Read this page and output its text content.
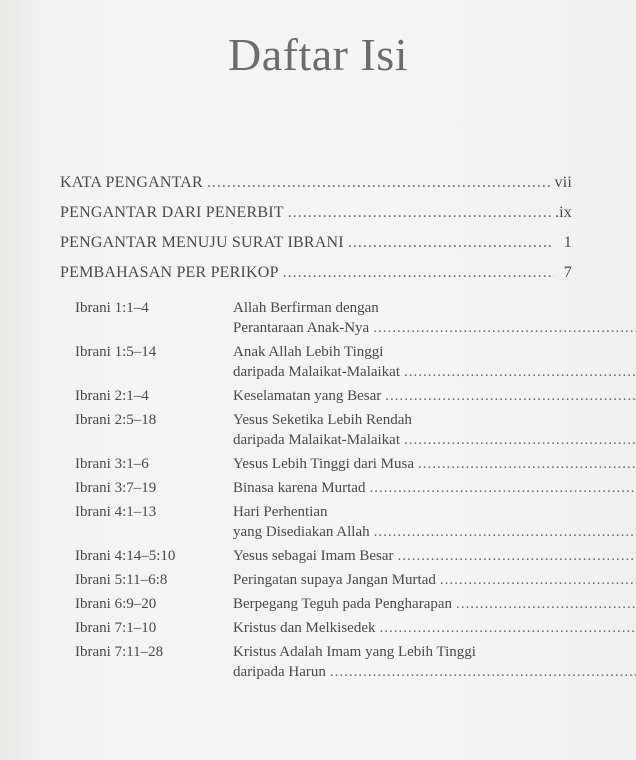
Daftar Isi
KATA PENGANTAR .....	vii
PENGANTAR DARI PENERBIT .....	.ix
PENGANTAR MENUJU SURAT IBRANI .....	1
PEMBAHASAN PER PERIKOP .....	7
Ibrani 1:1–4	Allah Berfirman dengan
Perantaraan Anak-Nya
.....
Ibrani 1:5–14	Anak Allah Lebih Tinggi
daripada Malaikat-Malaikat
.....
Ibrani 2:1–4	Keselamatan yang Besar
.....
Ibrani 2:5–18	Yesus Seketika Lebih Rendah
daripada Malaikat-Malaikat
.....
Ibrani 3:1–6	Yesus Lebih Tinggi dari Musa
.....
Ibrani 3:7–19	Binasa karena Murtad
.....
Ibrani 4:1–13	Hari Perhentian
yang Disediakan Allah
.....
Ibrani 4:14–5:10	Yesus sebagai Imam Besar
.....
Ibrani 5:11–6:8	Peringatan supaya Jangan Murtad
.....
Ibrani 6:9–20	Berpegang Teguh pada Pengharapan
.....
Ibrani 7:1–10	Kristus dan Melkisedek
.....
Ibrani 7:11–28	Kristus Adalah Imam yang Lebih Tinggi
daripada Harun
.....
